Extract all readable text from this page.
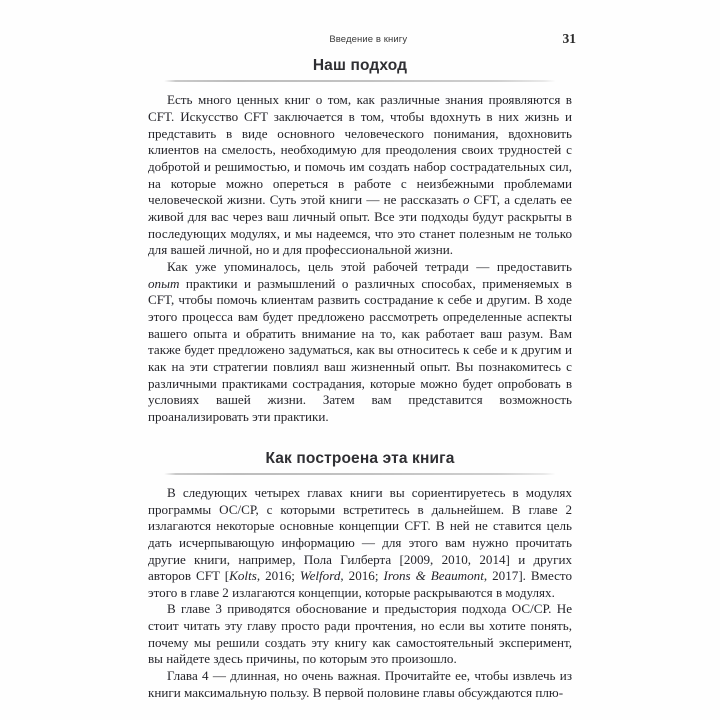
Введение в книгу	31
Наш подход

Есть много ценных книг о том, как различные знания проявляются в CFT. Искусство CFT заключается в том, чтобы вдохнуть в них жизнь и представить в виде основного человеческого понимания, вдохновить клиентов на смелость, необходимую для преодоления своих трудностей с добротой и решимостью, и помочь им создать набор сострадательных сил, на которые можно опереться в работе с неизбежными проблемами человеческой жизни. Суть этой книги — не рассказать о CFT, а сделать ее живой для вас через ваш личный опыт. Все эти подходы будут раскрыты в последующих модулях, и мы надеемся, что это станет полезным не только для вашей личной, но и для профессиональной жизни.

Как уже упоминалось, цель этой рабочей тетради — предоставить опыт практики и размышлений о различных способах, применяемых в CFT, чтобы помочь клиентам развить сострадание к себе и другим. В ходе этого процесса вам будет предложено рассмотреть определенные аспекты вашего опыта и обратить внимание на то, как работает ваш разум. Вам также будет предложено задуматься, как вы относитесь к себе и к другим и как на эти стратегии повлиял ваш жизненный опыт. Вы познакомитесь с различными практиками сострадания, которые можно будет опробовать в условиях вашей жизни. Затем вам представится возможность проанализировать эти практики.

Как построена эта книга

В следующих четырех главах книги вы сориентируетесь в модулях программы ОС/СР, с которыми встретитесь в дальнейшем. В главе 2 излагаются некоторые основные концепции CFT. В ней не ставится цель дать исчерпывающую информацию — для этого вам нужно прочитать другие книги, например, Пола Гилберта [2009, 2010, 2014] и других авторов CFT [Kolts, 2016; Welford, 2016; Irons & Beaumont, 2017]. Вместо этого в главе 2 излагаются концепции, которые раскрываются в модулях.

В главе 3 приводятся обоснование и предыстория подхода ОС/СР. Не стоит читать эту главу просто ради прочтения, но если вы хотите понять, почему мы решили создать эту книгу как самостоятельный эксперимент, вы найдете здесь причины, по которым это произошло.

Глава 4 — длинная, но очень важная. Прочитайте ее, чтобы извлечь из книги максимальную пользу. В первой половине главы обсуждаются плю-
